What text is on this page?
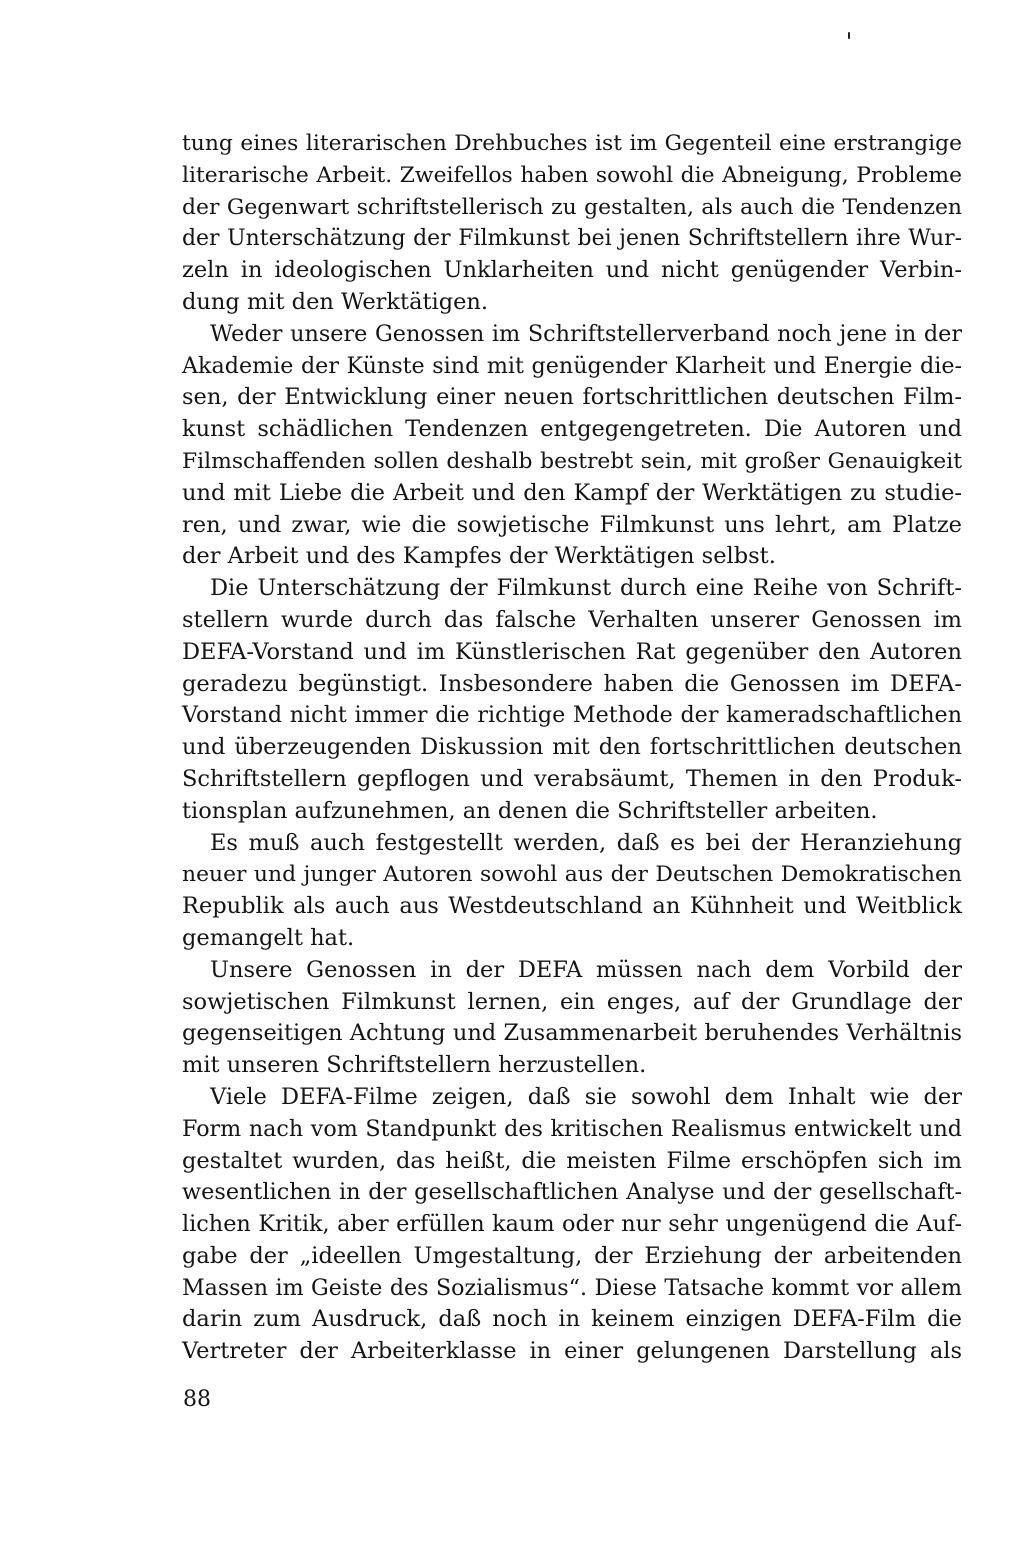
tung eines literarischen Drehbuches ist im Gegenteil eine erstrangige
literarische Arbeit. Zweifellos haben sowohl die Abneigung, Probleme
der Gegenwart schriftstellerisch zu gestalten, als auch die Tendenzen
der Unterschätzung der Filmkunst bei jenen Schriftstellern ihre Wur-
zeln in ideologischen Unklarheiten und nicht genügender Verbin-
dung mit den Werktätigen.

Weder unsere Genossen im Schriftstellerverband noch jene in der
Akademie der Künste sind mit genügender Klarheit und Energie die-
sen, der Entwicklung einer neuen fortschrittlichen deutschen Film-
kunst schädlichen Tendenzen entgegengetreten. Die Autoren und
Filmschaffenden sollen deshalb bestrebt sein, mit großer Genauigkeit
und mit Liebe die Arbeit und den Kampf der Werktätigen zu studie-
ren, und zwar, wie die sowjetische Filmkunst uns lehrt, am Platze
der Arbeit und des Kampfes der Werktätigen selbst.

Die Unterschätzung der Filmkunst durch eine Reihe von Schrift-
stellern wurde durch das falsche Verhalten unserer Genossen im
DEFA-Vorstand und im Künstlerischen Rat gegenüber den Autoren
geradezu begünstigt. Insbesondere haben die Genossen im DEFA-
Vorstand nicht immer die richtige Methode der kameradschaftlichen
und überzeugenden Diskussion mit den fortschrittlichen deutschen
Schriftstellern gepflogen und verabsäumt, Themen in den Produk-
tionsplan aufzunehmen, an denen die Schriftsteller arbeiten.

Es muß auch festgestellt werden, daß es bei der Heranziehung
neuer und junger Autoren sowohl aus der Deutschen Demokratischen
Republik als auch aus Westdeutschland an Kühnheit und Weitblick
gemangelt hat.

Unsere Genossen in der DEFA müssen nach dem Vorbild der
sowjetischen Filmkunst lernen, ein enges, auf der Grundlage der
gegenseitigen Achtung und Zusammenarbeit beruhendes Verhältnis
mit unseren Schriftstellern herzustellen.

Viele DEFA-Filme zeigen, daß sie sowohl dem Inhalt wie der
Form nach vom Standpunkt des kritischen Realismus entwickelt und
gestaltet wurden, das heißt, die meisten Filme erschöpfen sich im
wesentlichen in der gesellschaftlichen Analyse und der gesellschaft-
lichen Kritik, aber erfüllen kaum oder nur sehr ungenügend die Auf-
gabe der „ideellen Umgestaltung, der Erziehung der arbeitenden
Massen im Geiste des Sozialismus“. Diese Tatsache kommt vor allem
darin zum Ausdruck, daß noch in keinem einzigen DEFA-Film die
Vertreter der Arbeiterklasse in einer gelungenen Darstellung als

88
